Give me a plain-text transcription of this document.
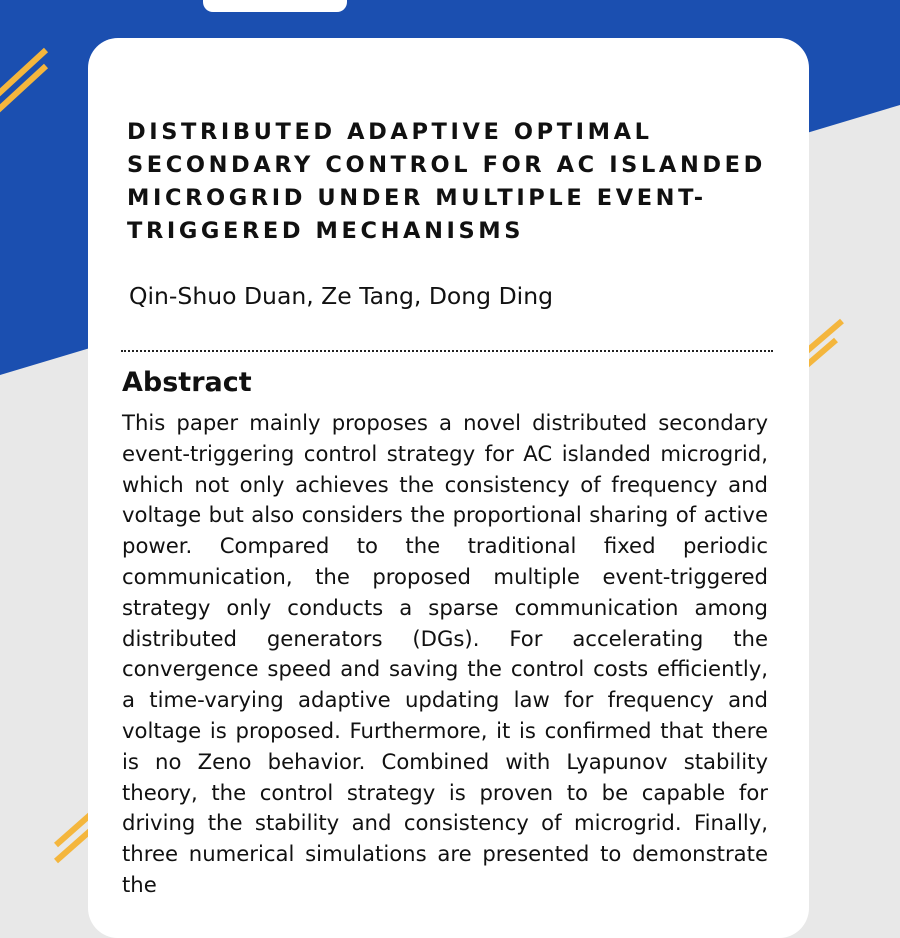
DISTRIBUTED ADAPTIVE OPTIMAL SECONDARY CONTROL FOR AC ISLANDED MICROGRID UNDER MULTIPLE EVENT-TRIGGERED MECHANISMS

Qin-Shuo Duan, Ze Tang, Dong Ding

Abstract

This paper mainly proposes a novel distributed secondary event-triggering control strategy for AC islanded microgrid, which not only achieves the consistency of frequency and voltage but also considers the proportional sharing of active power. Compared to the traditional fixed periodic communication, the proposed multiple event-triggered strategy only conducts a sparse communication among distributed generators (DGs). For accelerating the convergence speed and saving the control costs efficiently, a time-varying adaptive updating law for frequency and voltage is proposed. Furthermore, it is confirmed that there is no Zeno behavior. Combined with Lyapunov stability theory, the control strategy is proven to be capable for driving the stability and consistency of microgrid. Finally, three numerical simulations are presented to demonstrate the
